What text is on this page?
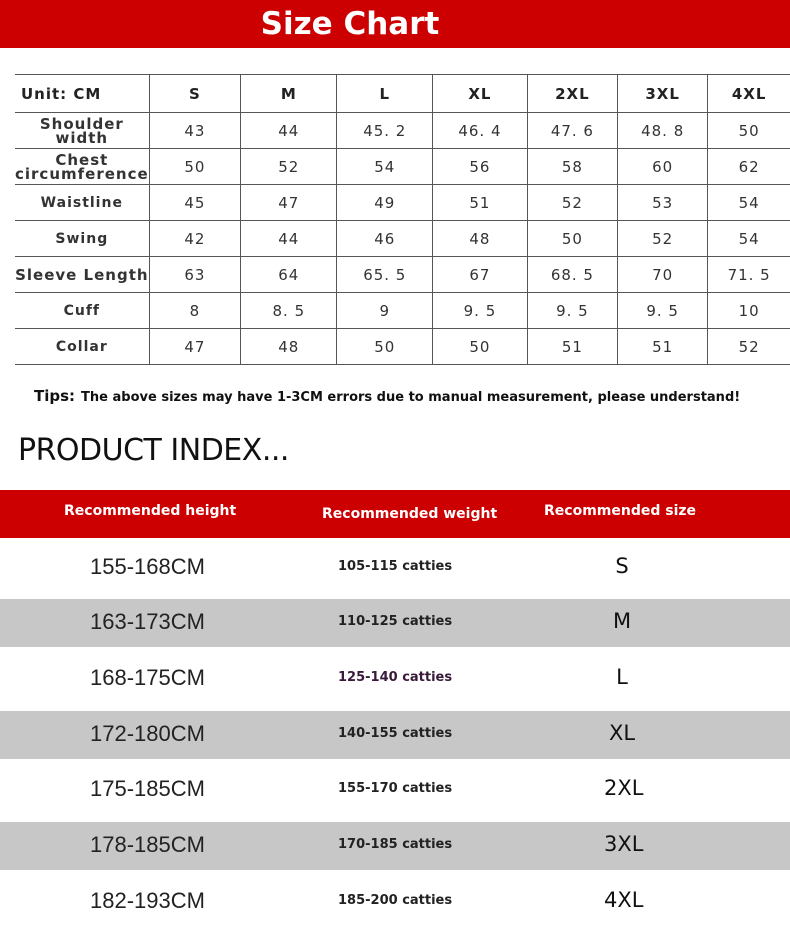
Size Chart
Unit: CM	S	M	L	XL	2XL	3XL	4XL
Shoulder width	43	44	45. 2	46. 4	47. 6	48. 8	50
Chest circumference	50	52	54	56	58	60	62
Waistline	45	47	49	51	52	53	54
Swing	42	44	46	48	50	52	54
Sleeve Length	63	64	65. 5	67	68. 5	70	71. 5
Cuff	8	8. 5	9	9. 5	9. 5	9. 5	10
Collar	47	48	50	50	51	51	52
Tips: The above sizes may have 1-3CM errors due to manual measurement, please understand!
PRODUCT INDEX...
Recommended height	Recommended weight	Recommended size
155-168CM	105-115 catties	S
163-173CM	110-125 catties	M
168-175CM	125-140 catties	L
172-180CM	140-155 catties	XL
175-185CM	155-170 catties	2XL
178-185CM	170-185 catties	3XL
182-193CM	185-200 catties	4XL
